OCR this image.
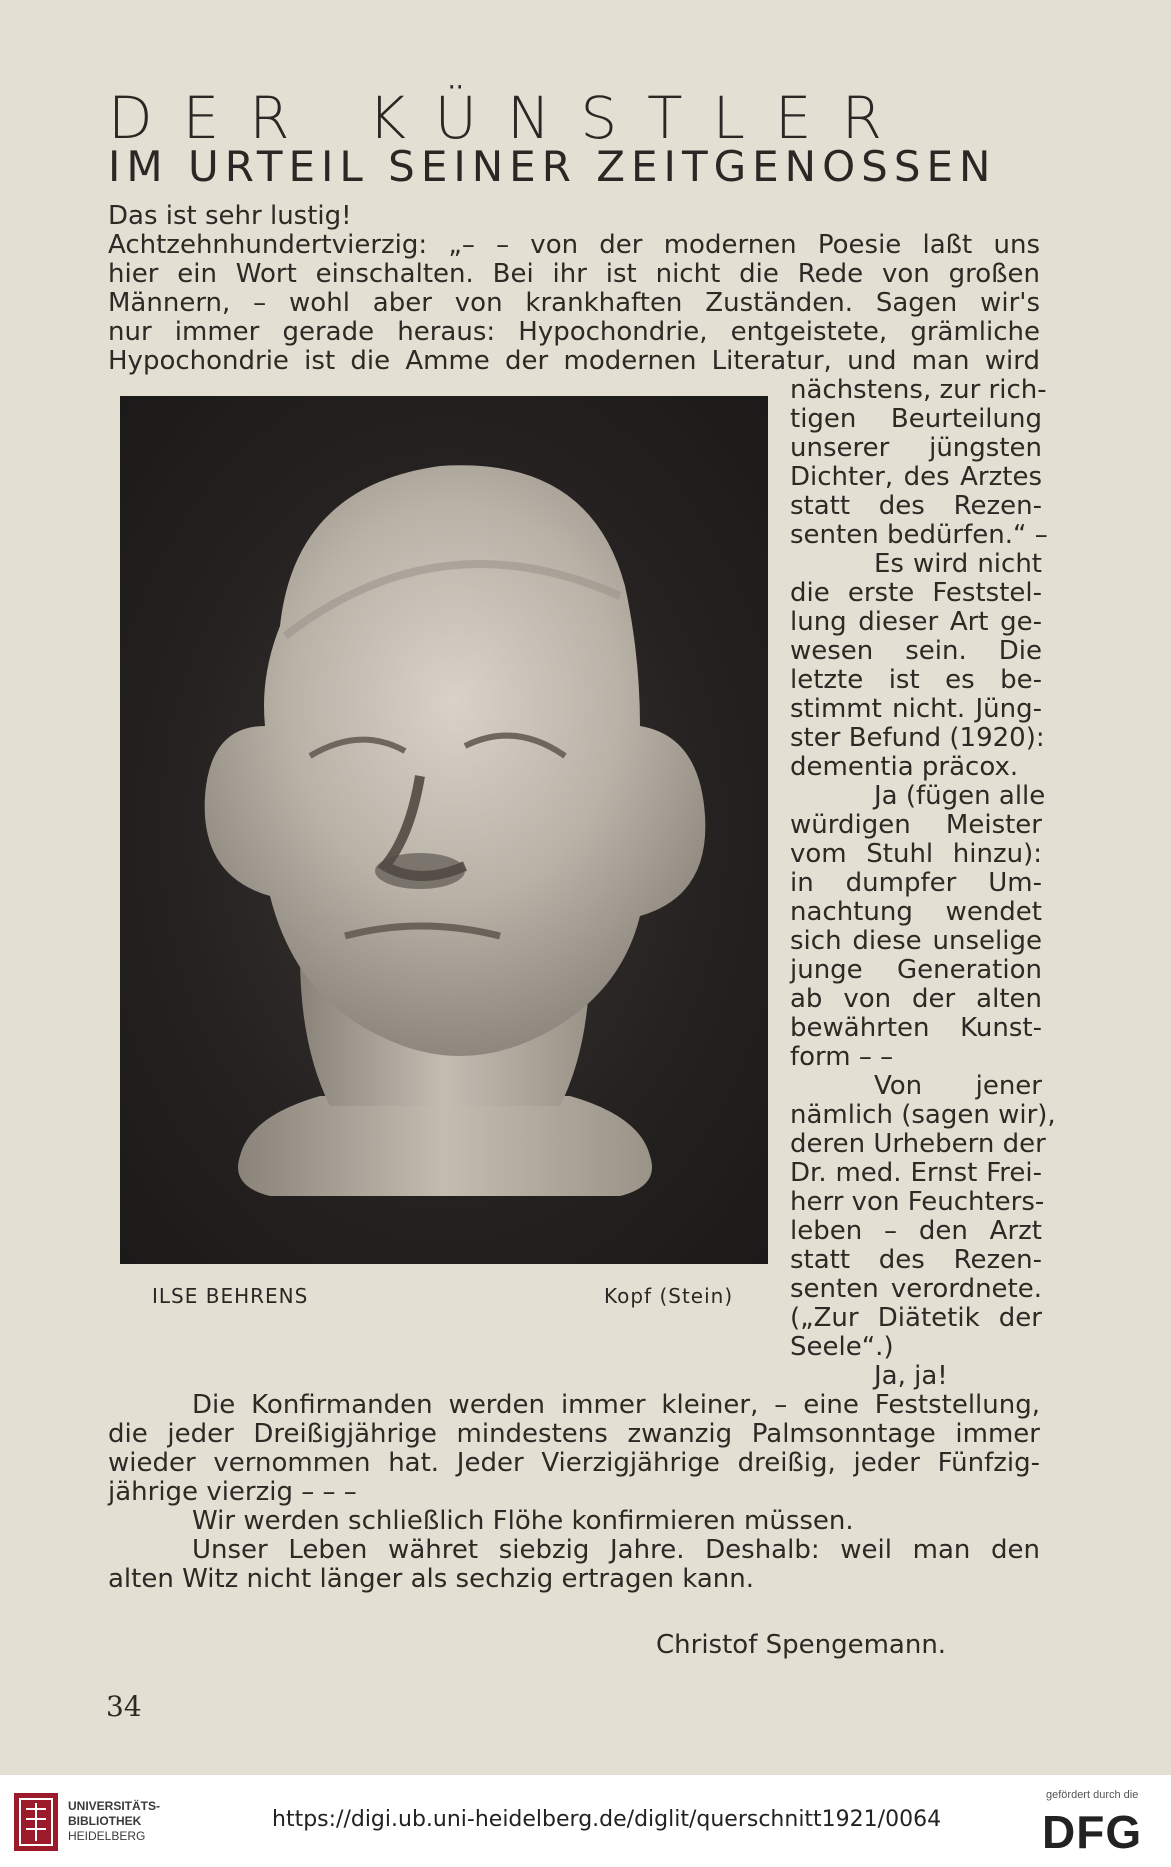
DER KÜNSTLER
IM URTEIL SEINER ZEITGENOSSEN
Das ist sehr lustig!
Achtzehnhundertvierzig: „– – von der modernen Poesie laßt uns
hier ein Wort einschalten. Bei ihr ist nicht die Rede von großen
Männern, – wohl aber von krankhaften Zuständen. Sagen wir's
nur immer gerade heraus: Hypochondrie, entgeistete, grämliche
Hypochondrie ist die Amme der modernen Literatur, und man wird
ILSE BEHRENS	Kopf (Stein)
nächstens, zur rich-
tigen Beurteilung
unserer jüngsten
Dichter, des Arztes
statt des Rezen-
senten bedürfen.“ –
Es wird nicht
die erste Feststel-
lung dieser Art ge-
wesen sein. Die
letzte ist es be-
stimmt nicht. Jüng-
ster Befund (1920):
dementia präcox.
Ja (fügen alle
würdigen Meister
vom Stuhl hinzu):
in dumpfer Um-
nachtung wendet
sich diese unselige
junge Generation
ab von der alten
bewährten Kunst-
form – –
Von jener
nämlich (sagen wir),
deren Urhebern der
Dr. med. Ernst Frei-
herr von Feuchters-
leben – den Arzt
statt des Rezen-
senten verordnete.
(„Zur Diätetik der
Seele“.)
Ja, ja!
Die Konfirmanden werden immer kleiner, – eine Feststellung,
die jeder Dreißigjährige mindestens zwanzig Palmsonntage immer
wieder vernommen hat. Jeder Vierzigjährige dreißig, jeder Fünfzig-
jährige vierzig – – –
Wir werden schließlich Flöhe konfirmieren müssen.
Unser Leben währet siebzig Jahre. Deshalb: weil man den
alten Witz nicht länger als sechzig ertragen kann.
Christof Spengemann.
34
UNIVERSITÄTS-
BIBLIOTHEK
HEIDELBERG
https://digi.ub.uni-heidelberg.de/diglit/querschnitt1921/0064
gefördert durch die
DFG
